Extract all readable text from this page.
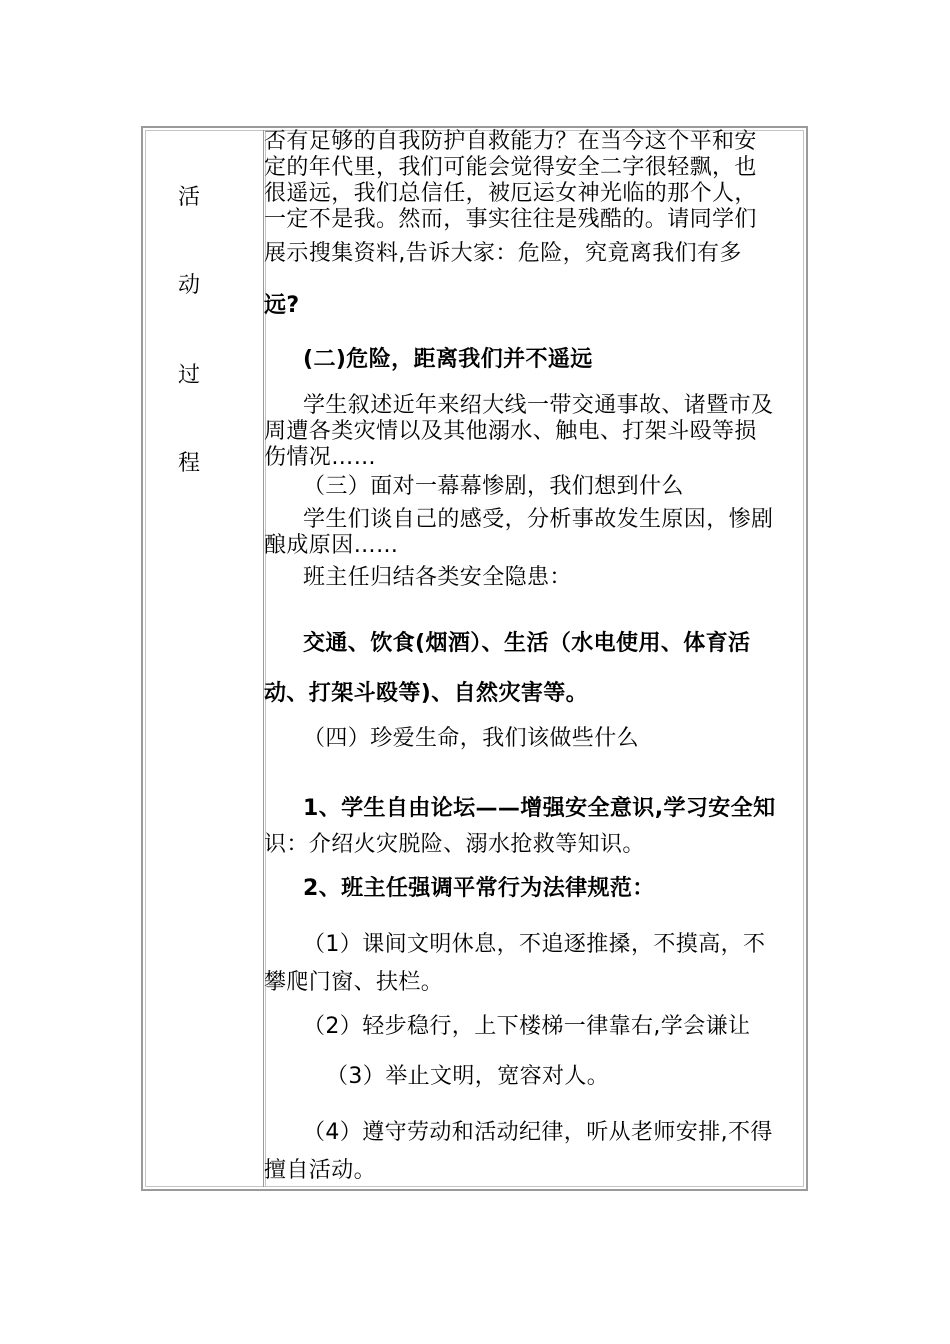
活
动
过
程
否有足够的自我防护自救能力？在当今这个平和安
定的年代里，我们可能会觉得安全二字很轻飘，也
很遥远，我们总信任，被厄运女神光临的那个人，
一定不是我。然而，事实往往是残酷的。请同学们
展示搜集资料,告诉大家：危险，究竟离我们有多
远?
(二)危险，距离我们并不遥远
学生叙述近年来绍大线一带交通事故、诸暨市及
周遭各类灾情以及其他溺水、触电、打架斗殴等损
伤情况……
（三）面对一幕幕惨剧，我们想到什么
学生们谈自己的感受，分析事故发生原因，惨剧
酿成原因……
班主任归结各类安全隐患：
交通、饮食(烟酒）、生活（水电使用、体育活
动、打架斗殴等)、自然灾害等。
（四）珍爱生命，我们该做些什么
1、学生自由论坛——增强安全意识,学习安全知
识：介绍火灾脱险、溺水抢救等知识。
2、班主任强调平常行为法律规范：
（1）课间文明休息，不追逐推搡，不摸高，不
攀爬门窗、扶栏。
（2）轻步稳行，上下楼梯一律靠右,学会谦让
（3）举止文明，宽容对人。
（4）遵守劳动和活动纪律，听从老师安排,不得
擅自活动。
